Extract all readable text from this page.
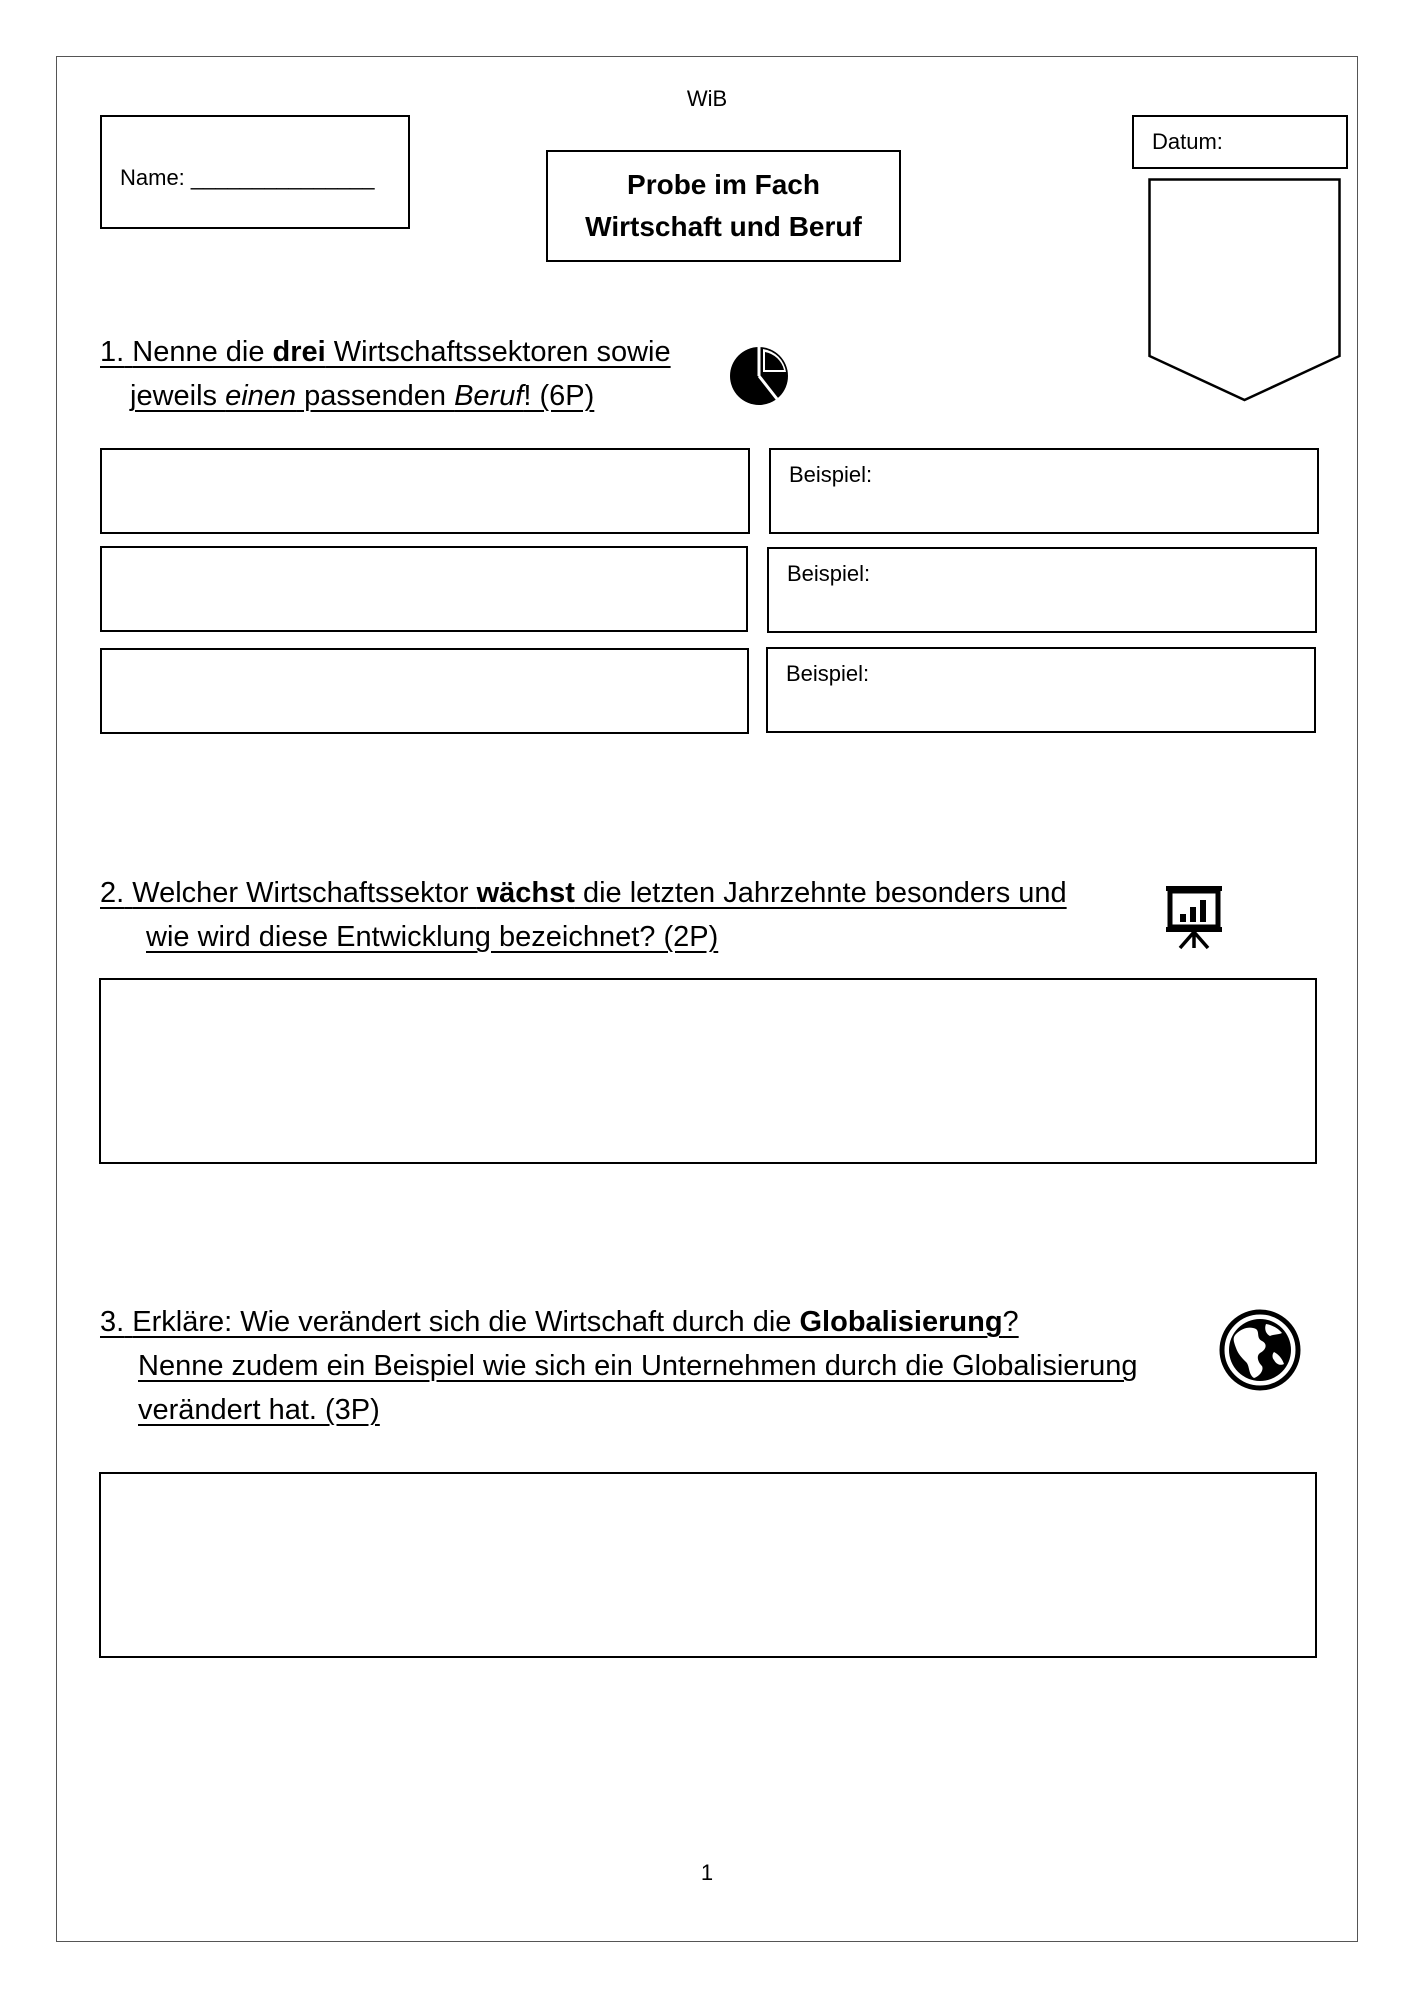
WiB
Name: _______________	Probe im Fach
Wirtschaft und Beruf
Datum:
1. Nenne die drei Wirtschaftssektoren sowie
jeweils einen passenden Beruf! (6P)
Beispiel:
Beispiel:
Beispiel:
2. Welcher Wirtschaftssektor wächst die letzten Jahrzehnte besonders und
wie wird diese Entwicklung bezeichnet? (2P)
3. Erkläre: Wie verändert sich die Wirtschaft durch die Globalisierung?
Nenne zudem ein Beispiel wie sich ein Unternehmen durch die Globalisierung
verändert hat. (3P)
1
